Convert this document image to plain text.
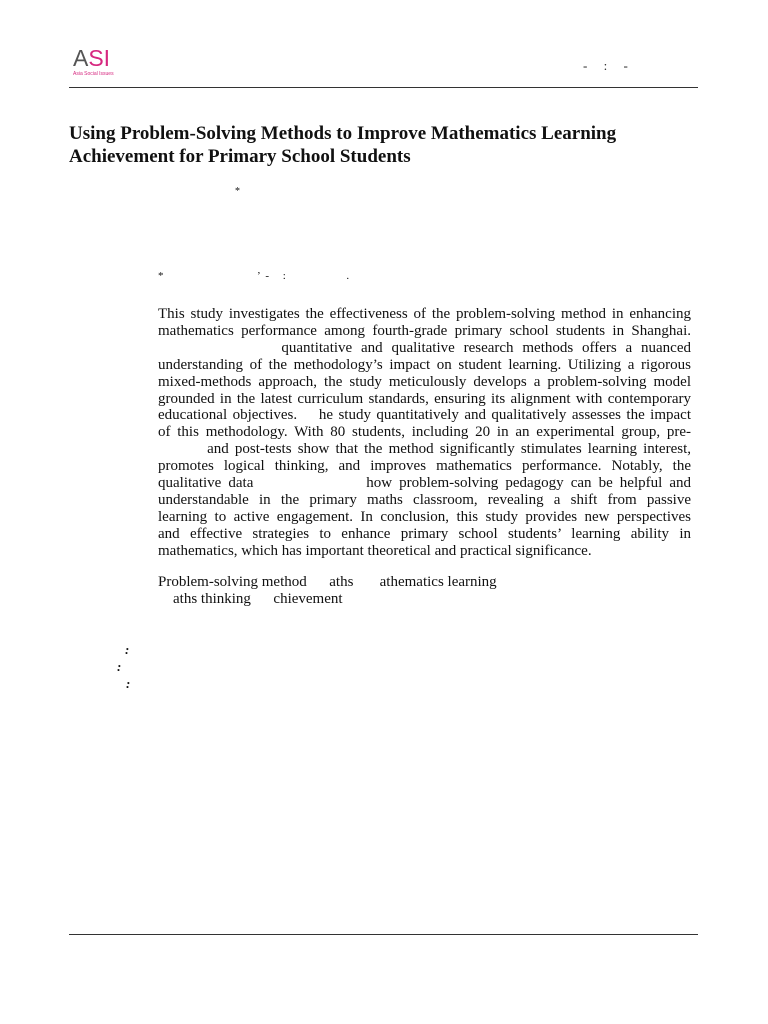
ASI
Asia Social Issues
-     :     -
Using Problem-Solving Methods to Improve Mathematics Learning
Achievement for Primary School Students
*
*                                  ’  -     :                      .
This study investigates the effectiveness of the problem-solving method in enhancing
mathematics performance among fourth-grade primary school students in Shanghai.
quantitative and qualitative research methods offers a nuanced
understanding of the methodology’s impact on student learning. Utilizing a rigorous
mixed-methods approach, the study meticulously develops a problem-solving model
grounded in the latest curriculum standards, ensuring its alignment with contemporary
educational objectives.    he study quantitatively and qualitatively assesses the impact
of this methodology. With 80 students, including 20 in an experimental group, pre-
and post-tests show that the method significantly stimulates learning interest,
promotes logical thinking, and improves mathematics performance. Notably, the
qualitative data                how problem-solving pedagogy can be helpful and
understandable in the primary maths classroom, revealing a shift from passive
learning to active engagement. In conclusion, this study provides new perspectives
and effective strategies to enhance primary school students’ learning ability in
mathematics, which has important theoretical and practical significance.
Problem-solving method      aths       athematics learning
aths thinking      chievement
:
:
:
